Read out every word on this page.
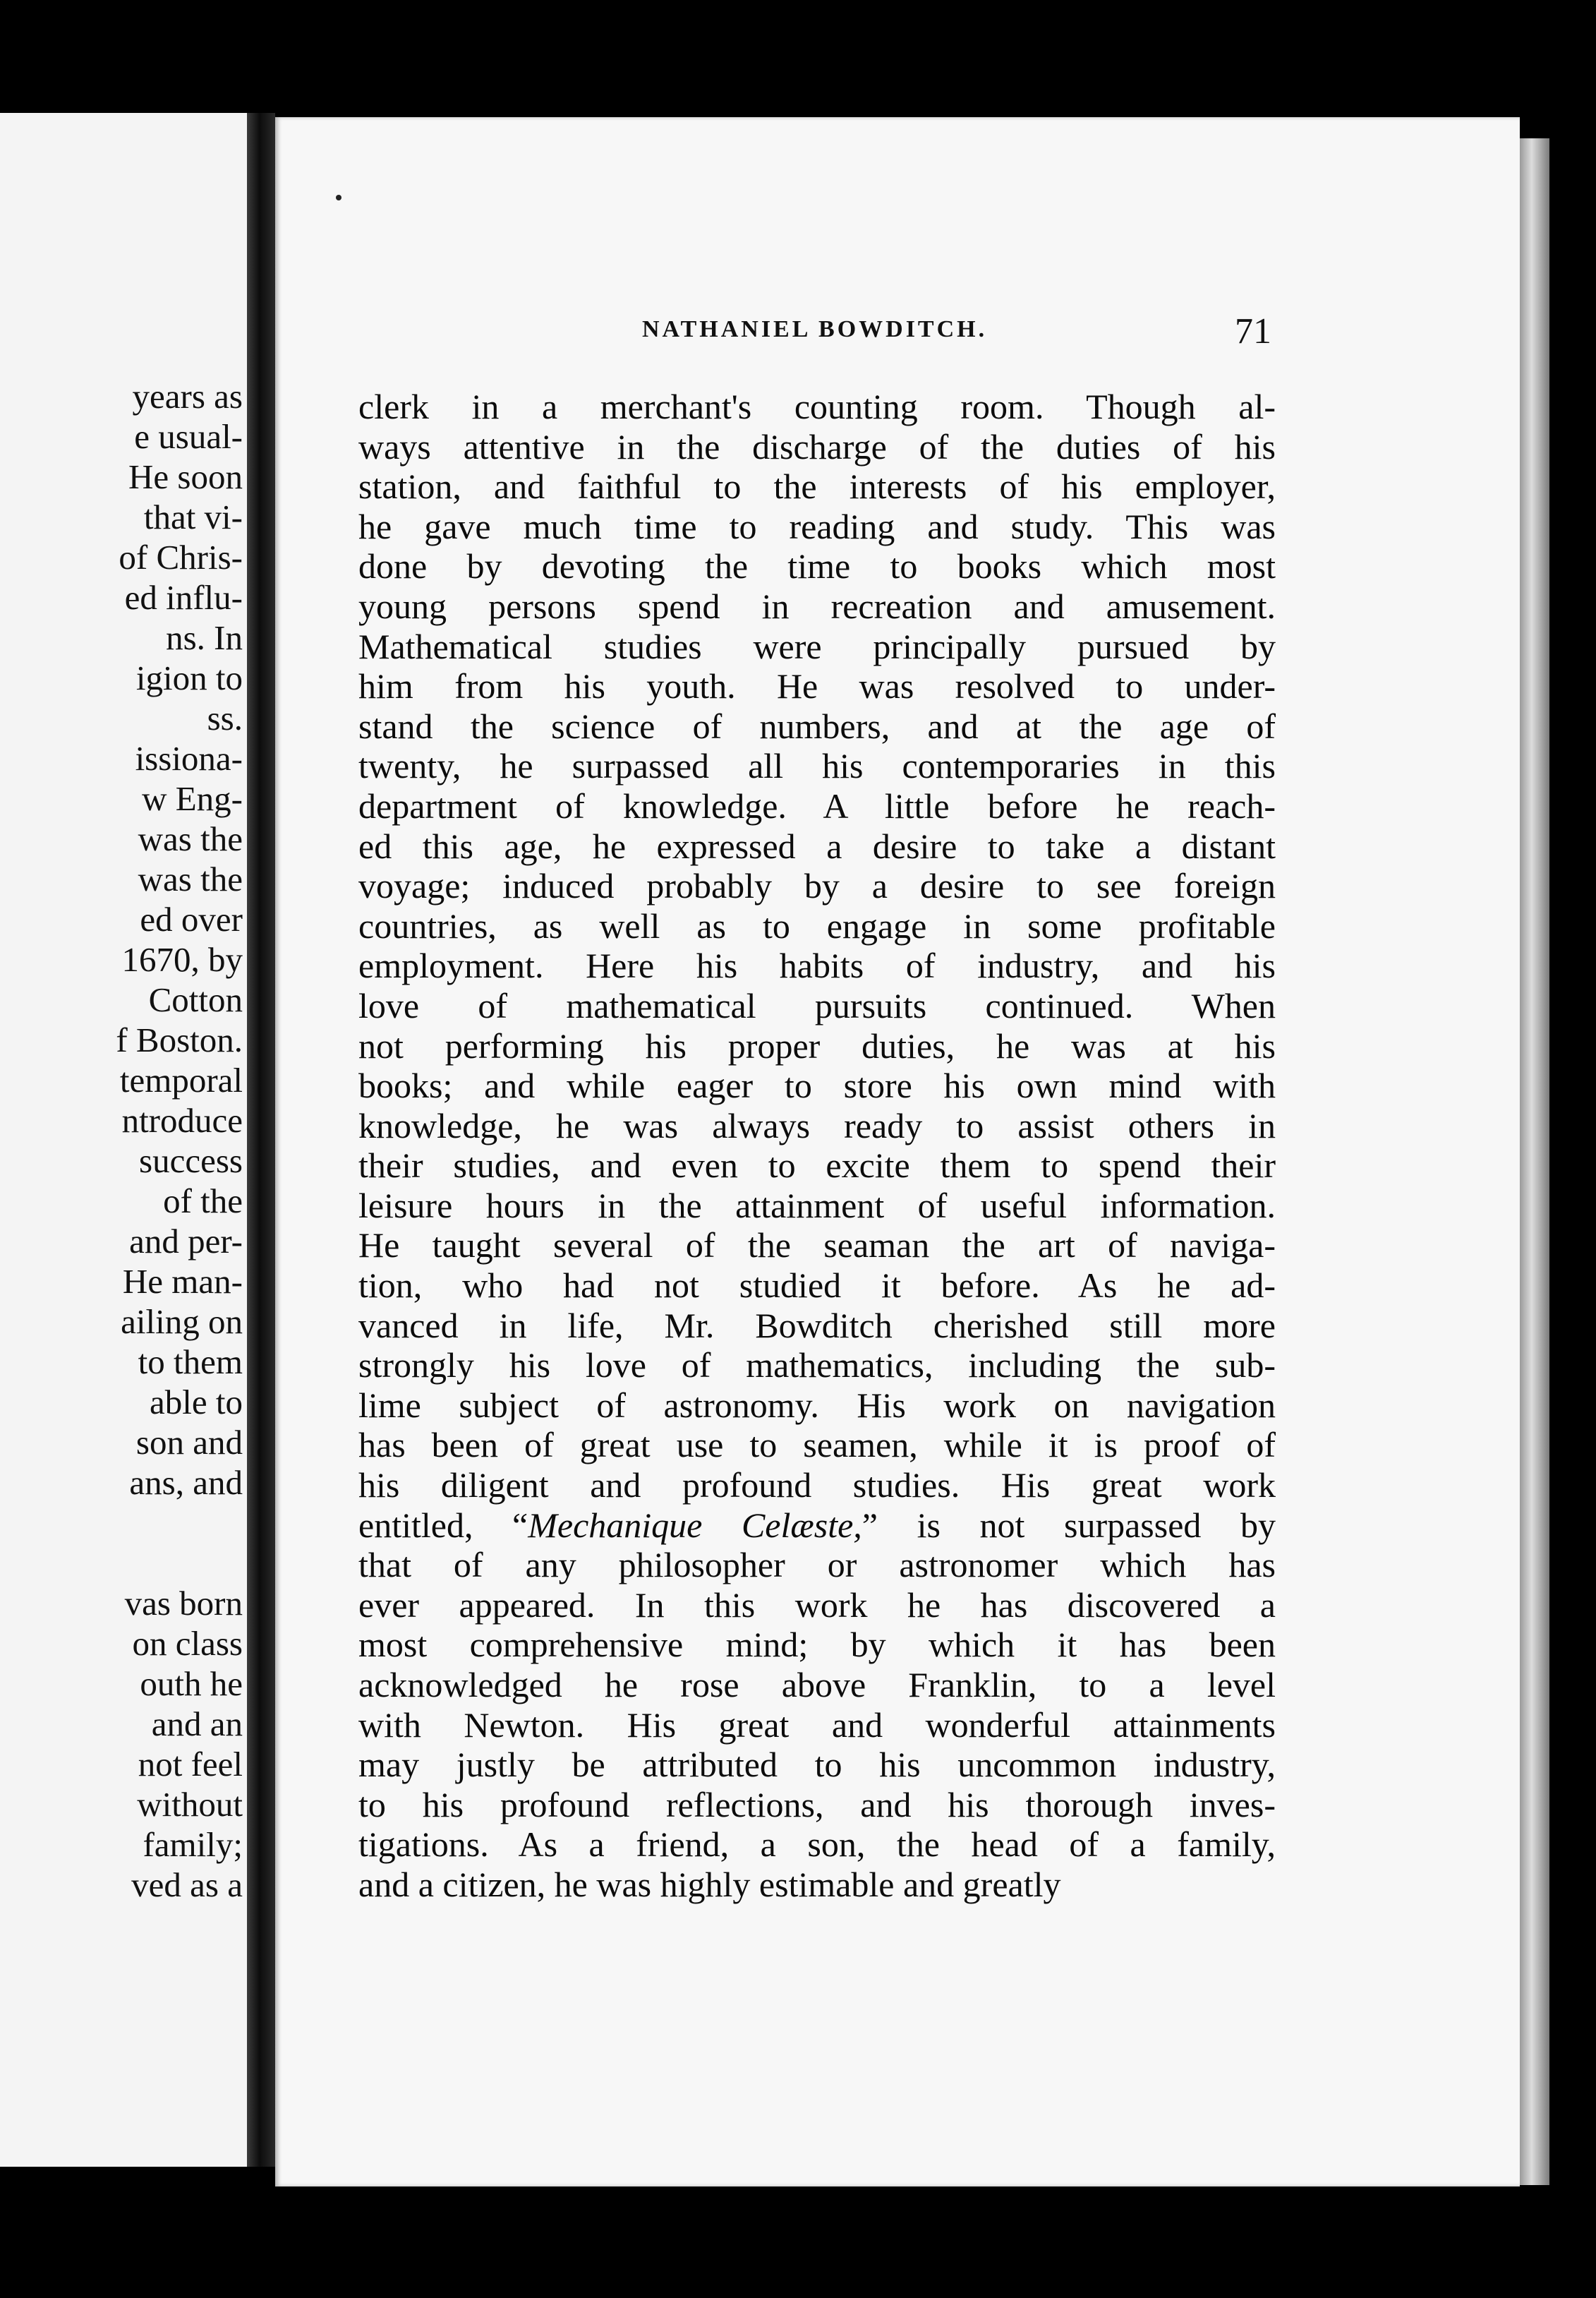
years as
e usual-
He soon
that vi-
of Chris-
ed influ-
ns. In
igion to
ss.
issiona-
w Eng-
was the
was the
ed over
1670, by
Cotton
f Boston.
temporal
ntroduce
success
of the
and per-
He man-
ailing on
to them
able to
son and
ans, and
vas born
on class
outh he
and an
not feel
without
family;
ved as a
NATHANIEL BOWDITCH.	71
clerk in a merchant's counting room. Though al-
ways attentive in the discharge of the duties of his
station, and faithful to the interests of his employer,
he gave much time to reading and study. This was
done by devoting the time to books which most
young persons spend in recreation and amusement.
Mathematical studies were principally pursued by
him from his youth. He was resolved to under-
stand the science of numbers, and at the age of
twenty, he surpassed all his contemporaries in this
department of knowledge. A little before he reach-
ed this age, he expressed a desire to take a distant
voyage; induced probably by a desire to see foreign
countries, as well as to engage in some profitable
employment. Here his habits of industry, and his
love of mathematical pursuits continued. When
not performing his proper duties, he was at his
books; and while eager to store his own mind with
knowledge, he was always ready to assist others in
their studies, and even to excite them to spend their
leisure hours in the attainment of useful information.
He taught several of the seaman the art of naviga-
tion, who had not studied it before. As he ad-
vanced in life, Mr. Bowditch cherished still more
strongly his love of mathematics, including the sub-
lime subject of astronomy. His work on navigation
has been of great use to seamen, while it is proof of
his diligent and profound studies. His great work
entitled, “Mechanique Celæste,” is not surpassed by
that of any philosopher or astronomer which has
ever appeared. In this work he has discovered a
most comprehensive mind; by which it has been
acknowledged he rose above Franklin, to a level
with Newton. His great and wonderful attainments
may justly be attributed to his uncommon industry,
to his profound reflections, and his thorough inves-
tigations. As a friend, a son, the head of a family,
and a citizen, he was highly estimable and greatly
